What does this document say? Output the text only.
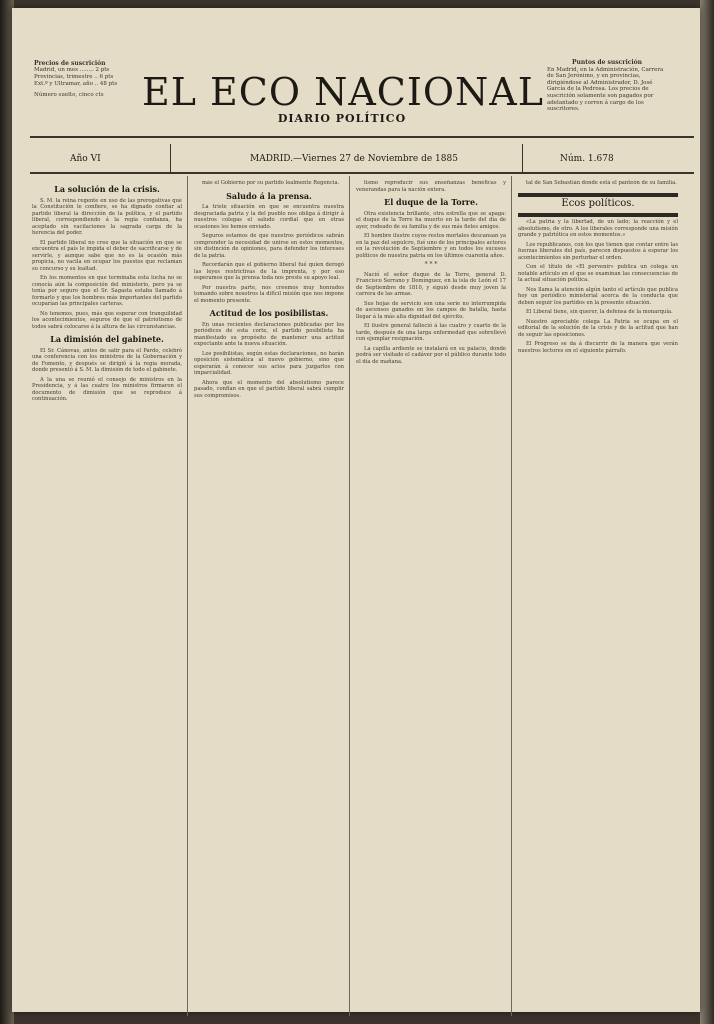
Precios de suscrición
Madrid, un mes ........ 2 pts
Provincias, trimestre .. 6 pts
Ext.º y Ultramar, año .. 48 pts
Número suelto, cinco cts	EL ECO NACIONAL
DIARIO POLÍTICO
Puntos de suscrición
En Madrid, en la Administración, Carrera de San Jerónimo, y en provincias, dirigiéndose al Administrador, D. José García de la Pedrosa. Los precios de suscrición solamente son pagados por adelantado y corren á cargo de los suscritores.
Año VI	MADRID.—Viernes 27 de Noviembre de 1885	Núm. 1.678
La solución de la crisis.

S. M. la reina regente en uso de las prerogativas que la Constitución le confiere, se ha dignado confiar al partido liberal la dirección de la política, y el partido liberal, correspondiendo á la regia confianza, ha aceptado sin vacilaciones la sagrada carga de la herencia del poder.

El partido liberal no cree que la situación en que se encuentra el país le impida el deber de sacrificarse y de servirle, y aunque sabe que no es la ocasión más propicia, no vacila en ocupar los puestos que reclaman su concurso y su lealtad.

En los momentos en que terminaba esta lucha no se conocía aún la composición del ministerio, pero ya se tenía por seguro que el Sr. Sagasta estaba llamado á formarlo y que los hombres más importantes del partido ocuparían las principales carteras.

No tenemos, pues, más que esperar con tranquilidad los acontecimientos, seguros de que el patriotismo de todos sabrá colocarse á la altura de las circunstancias.

La dimisión del gabinete.

El Sr. Cánovas, antes de salir para el Pardo, celebró una conferencia con los ministros de la Gobernación y de Fomento, y después se dirigió á la regia morada, donde presentó á S. M. la dimisión de todo el gabinete.

A la una se reunió el consejo de ministros en la Presidencia, y á las cuatro los ministros firmaron el documento de dimisión que se reproduce á continuación.

más el Gobierno por su partido lealmente Regencia.

Saludo á la prensa.

La triste situación en que se encuentra nuestra desgraciada patria y la del pueblo nos obliga á dirigir á nuestros colegas el saludo cordial que en otras ocasiones les hemos enviado.

Seguros estamos de que nuestros periódicos sabrán comprender la necesidad de unirse en estos momentos, sin distinción de opiniones, para defender los intereses de la patria.

Recordarán que el gobierno liberal fué quien derogó las leyes restrictivas de la imprenta, y por eso esperamos que la prensa toda nos preste su apoyo leal.

Por nuestra parte, nos creemos muy honrados tomando sobre nosotros la difícil misión que nos impone el momento presente.

Actitud de los posibilistas.

En unas recientes declaraciones publicadas por los periódicos de esta corte, el partido posibilista ha manifestado su propósito de mantener una actitud expectante ante la nueva situación.

Los posibilistas, según estas declaraciones, no harán oposición sistemática al nuevo gobierno, sino que esperarán á conocer sus actos para juzgarlos con imparcialidad.

Ahora que el momento del absolutismo parece pasado, confían en que el partido liberal sabrá cumplir sus compromisos.

lismo reproducir sus enseñanzas benéficas y venerandas para la nación entera.

El duque de la Torre.

Otra existencia brillante, otra estrella que se apaga: el duque de la Torre ha muerto en la tarde del día de ayer, rodeado de su familia y de sus más fieles amigos.

El hombre ilustre cuyos restos mortales descansan ya en la paz del sepulcro, fué uno de los principales actores en la revolución de Septiembre y en todos los sucesos políticos de nuestra patria en los últimos cuarenta años.

* * *

Nació el señor duque de la Torre, general D. Francisco Serrano y Domínguez, en la isla de León el 17 de Septiembre de 1810, y siguió desde muy joven la carrera de las armas.

Sus hojas de servicio son una serie no interrumpida de ascensos ganados en los campos de batalla, hasta llegar á la más alta dignidad del ejército.

El ilustre general falleció á las cuatro y cuarto de la tarde, después de una larga enfermedad que sobrellevó con ejemplar resignación.

La capilla ardiente se instalará en su palacio, donde podrá ser visitado el cadáver por el público durante todo el día de mañana.

tal de San Sebastián donde está el panteón de su familia.

Ecos políticos.

«La patria y la libertad, de un lado; la reacción y el absolutismo, de otro. A los liberales corresponde una misión grande y patriótica en estos momentos.»

Los republicanos, con los que tienen que contar entre las fuerzas liberales del país, parecen dispuestos á esperar los acontecimientos sin perturbar el orden.

Con el título de «El porvenir» publica un colega un notable artículo en el que se examinan las consecuencias de la actual situación política.

Nos llama la atención algún tanto el artículo que publica hoy un periódico ministerial acerca de la conducta que deben seguir los partidos en la presente situación.

El Liberal tiene, sin querer, la defensa de la monarquía.

Nuestro apreciable colega La Patria se ocupa en el editorial de la solución de la crisis y de la actitud que han de seguir las oposiciones.

El Progreso se da á discurrir de la manera que verán nuestros lectores en el siguiente párrafo.
